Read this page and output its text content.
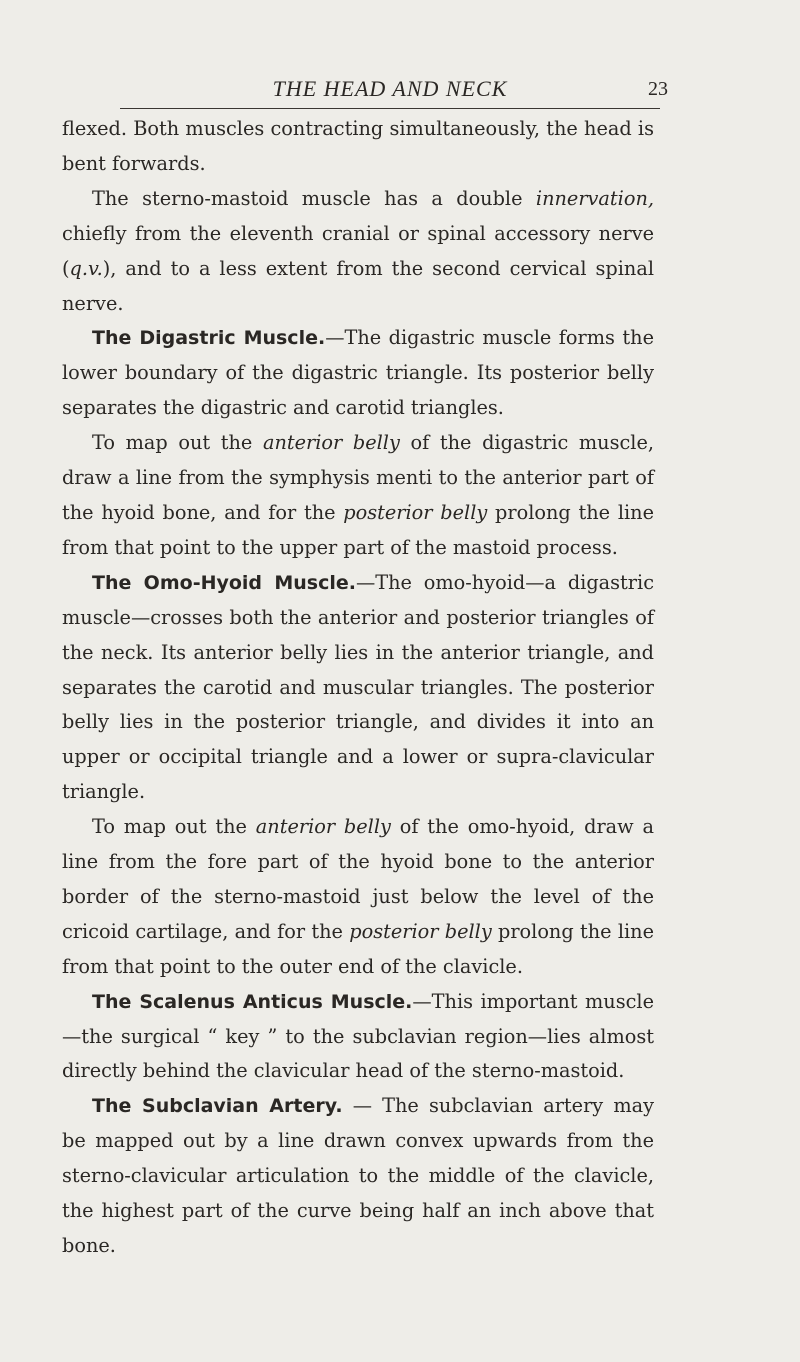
THE HEAD AND NECK	23

flexed. Both muscles contracting simultaneously, the head is bent forwards.

The sterno-mastoid muscle has a double innervation, chiefly from the eleventh cranial or spinal accessory nerve (q.v.), and to a less extent from the second cervical spinal nerve.

The Digastric Muscle.—The digastric muscle forms the lower boundary of the digastric triangle. Its posterior belly separates the digastric and carotid triangles.

To map out the anterior belly of the digastric muscle, draw a line from the symphysis menti to the anterior part of the hyoid bone, and for the posterior belly prolong the line from that point to the upper part of the mastoid process.

The Omo-Hyoid Muscle.—The omo-hyoid—a digastric muscle—crosses both the anterior and posterior triangles of the neck. Its anterior belly lies in the anterior triangle, and separates the carotid and muscular triangles. The posterior belly lies in the posterior triangle, and divides it into an upper or occipital triangle and a lower or supra-clavicular triangle.

To map out the anterior belly of the omo-hyoid, draw a line from the fore part of the hyoid bone to the anterior border of the sterno-mastoid just below the level of the cricoid cartilage, and for the posterior belly prolong the line from that point to the outer end of the clavicle.

The Scalenus Anticus Muscle.—This important muscle —the surgical “ key ” to the subclavian region—lies almost directly behind the clavicular head of the sterno-mastoid.

The Subclavian Artery. — The subclavian artery may be mapped out by a line drawn convex upwards from the sterno-clavicular articulation to the middle of the clavicle, the highest part of the curve being half an inch above that bone.
